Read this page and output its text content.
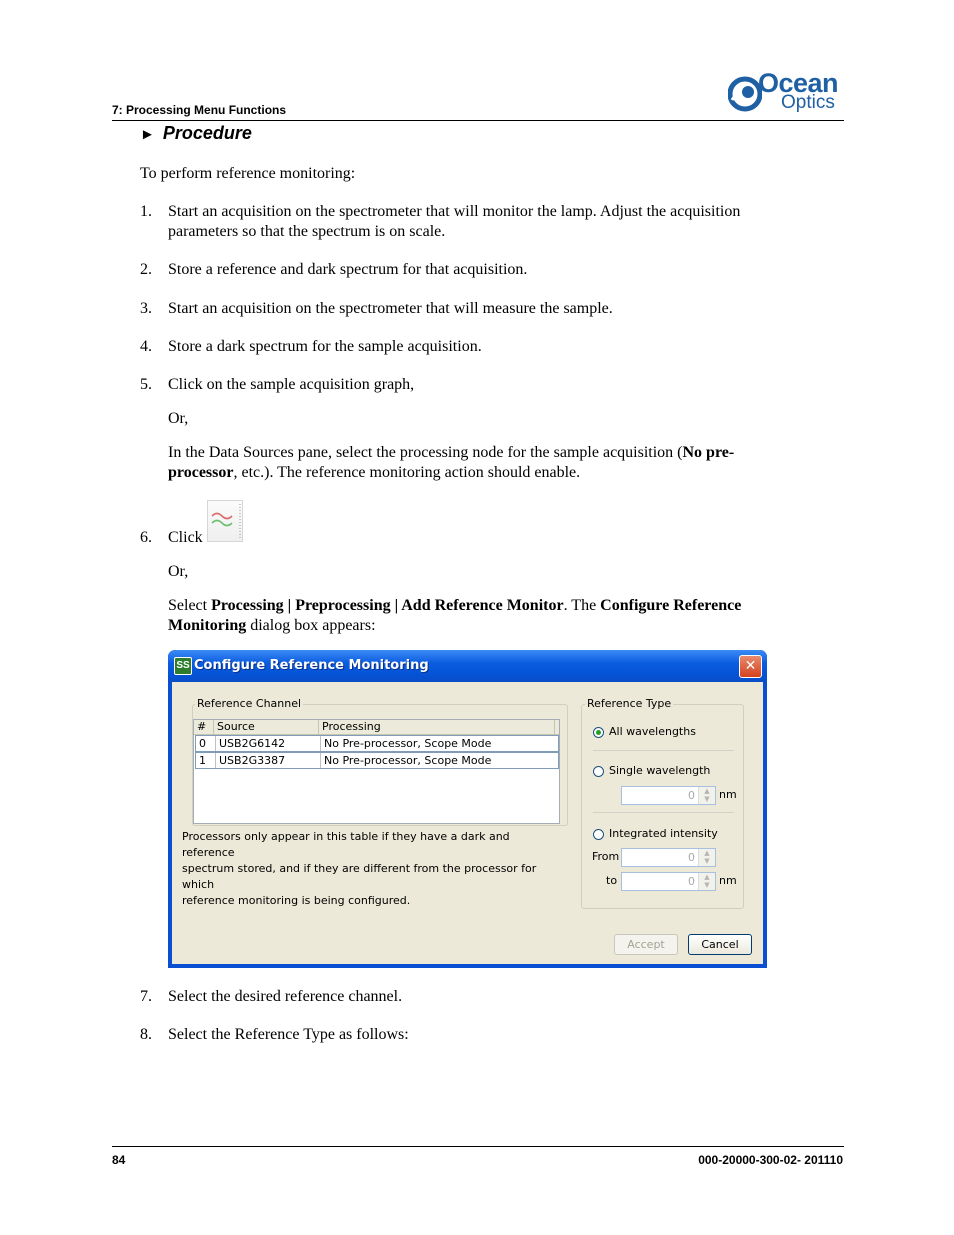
7: Processing Menu Functions
Ocean
Optics
► Procedure
To perform reference monitoring:
1. Start an acquisition on the spectrometer that will monitor the lamp. Adjust the acquisition
parameters so that the spectrum is on scale.
2. Store a reference and dark spectrum for that acquisition.
3. Start an acquisition on the spectrometer that will measure the sample.
4. Store a dark spectrum for the sample acquisition.
5. Click on the sample acquisition graph,
Or,
In the Data Sources pane, select the processing node for the sample acquisition (No pre-
processor, etc.). The reference monitoring action should enable.
6. Click
Or,
Select Processing | Preprocessing | Add Reference Monitor. The Configure Reference
Monitoring dialog box appears:
SS Configure Reference Monitoring	✕
Reference Channel
# Source	Processing
0	USB2G6142	No Pre-processor, Scope Mode
1	USB2G3387	No Pre-processor, Scope Mode
Processors only appear in this table if they have a dark and reference
spectrum stored, and if they are different from the processor for which
reference monitoring is being configured.
Reference Type
All wavelengths
Single wavelength
0	▲
▼ nm
Integrated intensity
From	0	▲
▼
to	0	▲
▼ nm
Accept	Cancel
7. Select the desired reference channel.
8. Select the Reference Type as follows:
84	000-20000-300-02- 201110
